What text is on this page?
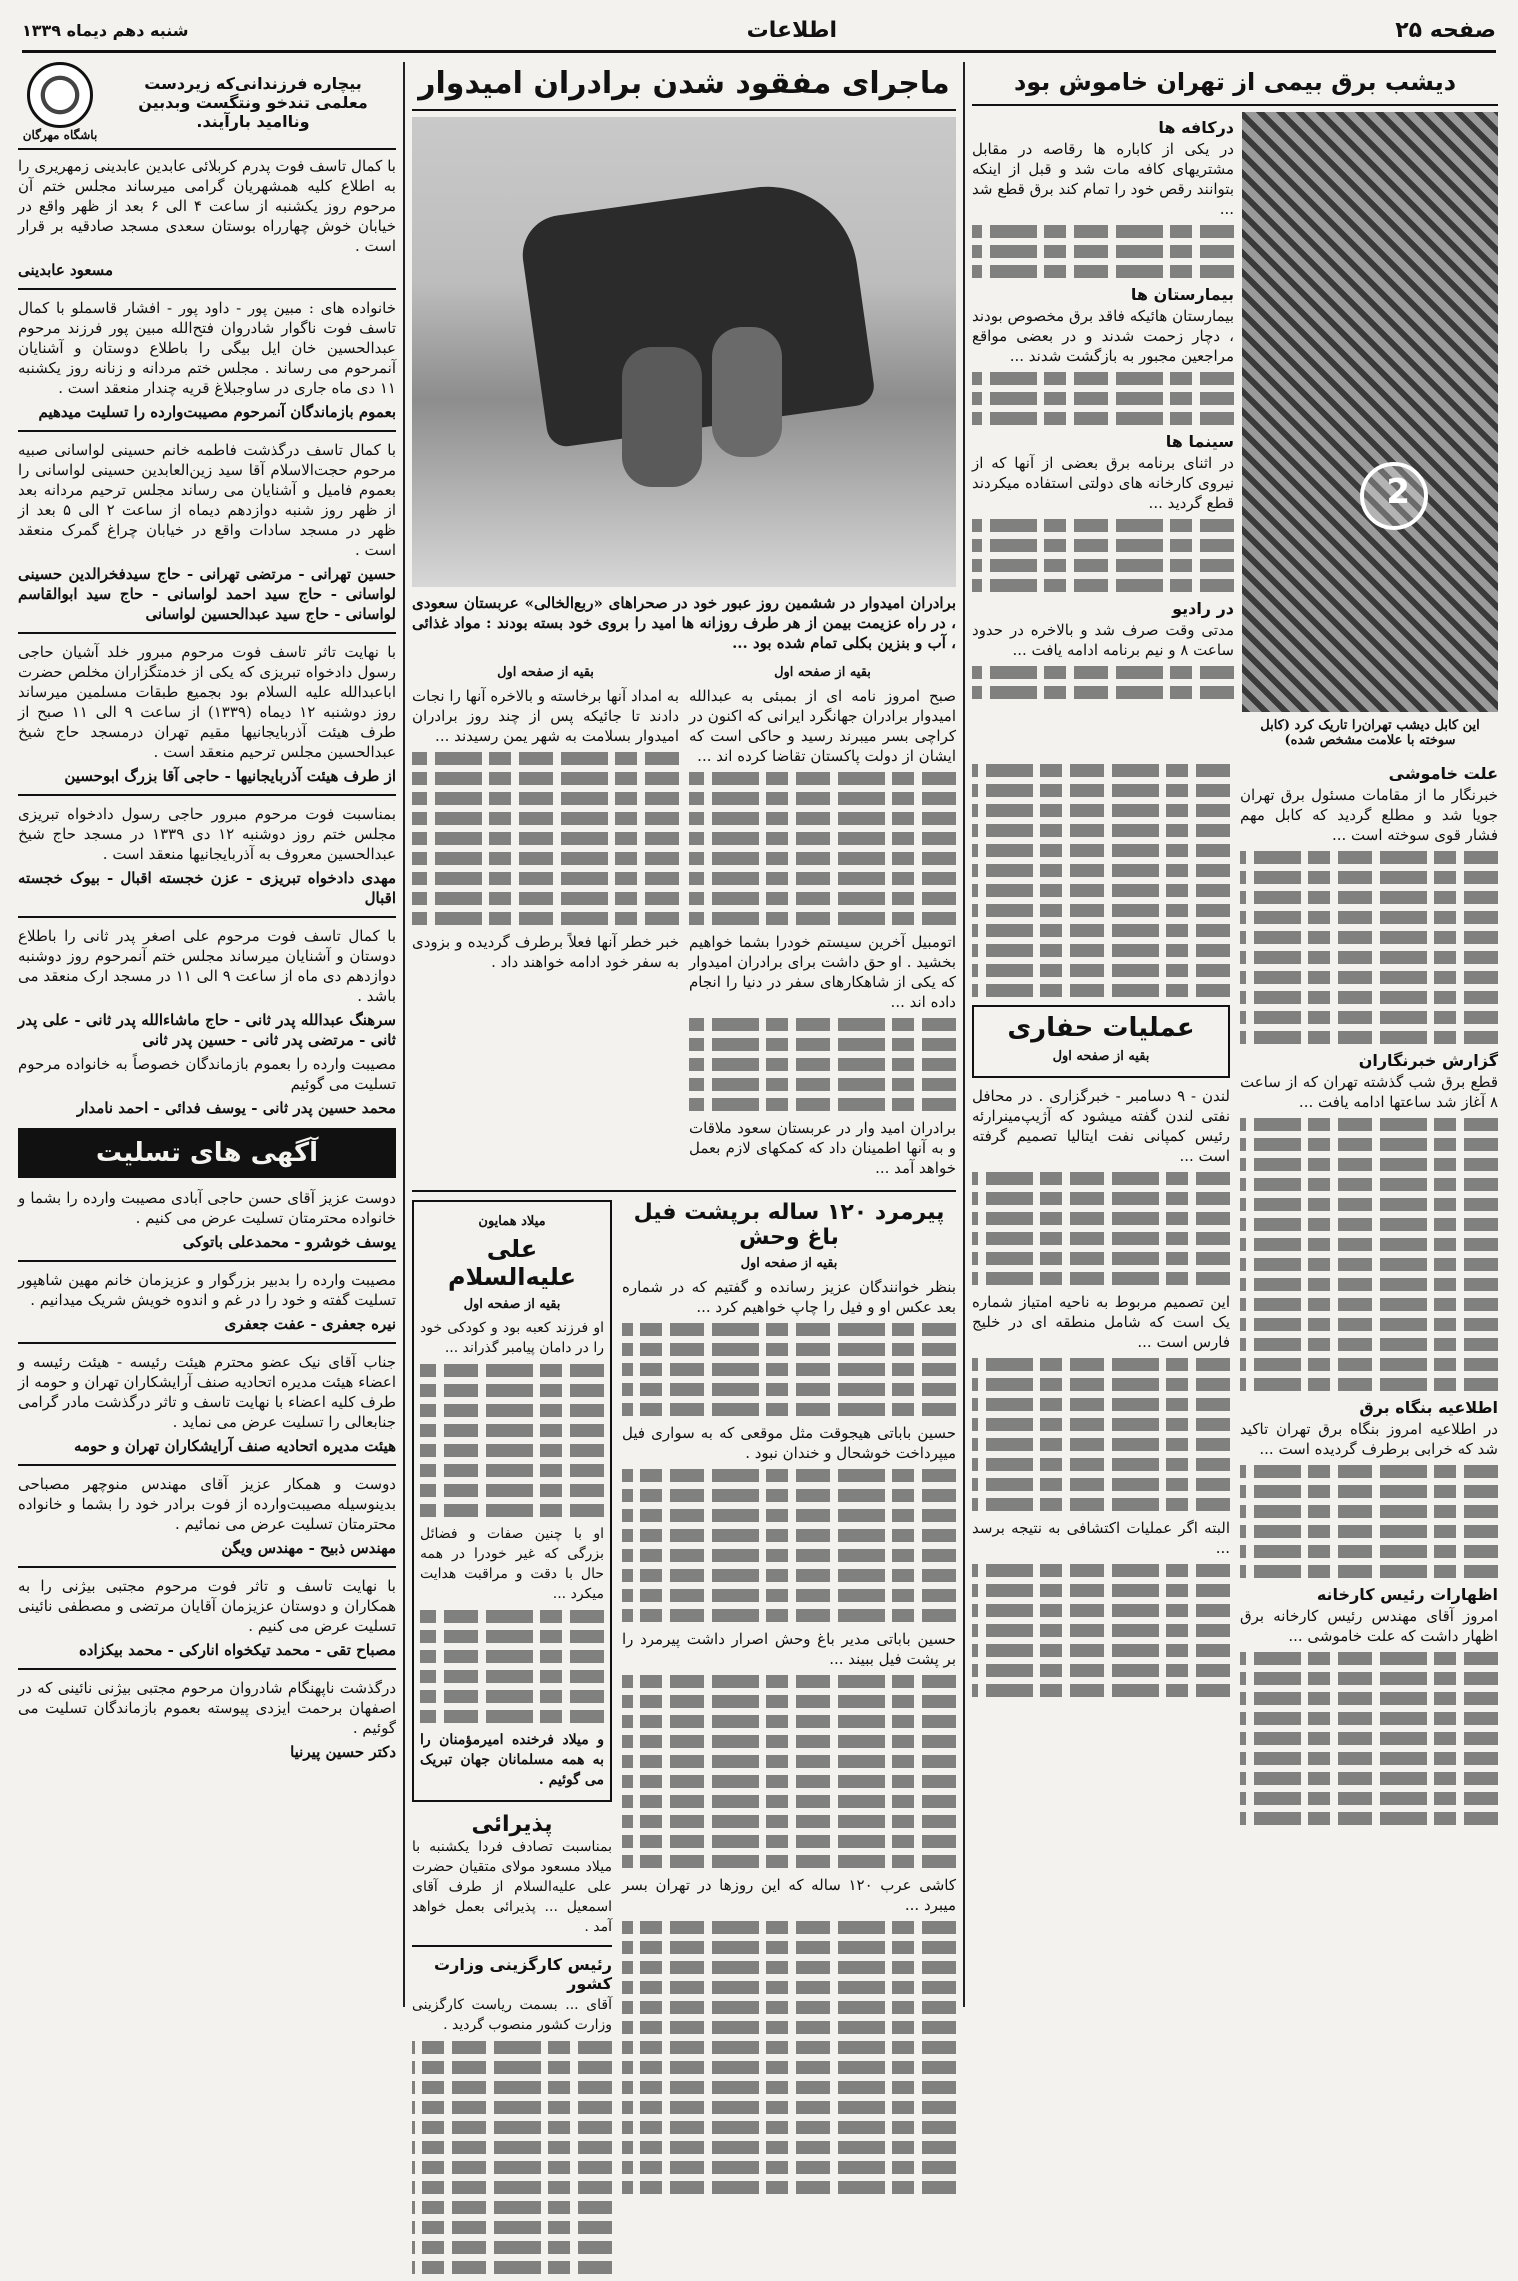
صفحه ۲۵
اطلاعات
شنبه دهم دیماه ۱۳۳۹
دیشب برق بیمی از تهران خاموش بود
2
این کابل دیشب تهران‌را تاریک کرد (کابل سوخته با علامت مشخص شده)
درکافه ها

در یکی از کاباره ها رقاصه در مقابل مشتریهای کافه مات شد و قبل از اینکه بتوانند رقص خود را تمام کند برق قطع شد ...

بیمارستان ها

بیمارستان هائیکه فاقد برق مخصوص بودند ، دچار زحمت شدند و در بعضی مواقع مراجعین مجبور به بازگشت شدند ...

سینما ها

در اثنای برنامه برق بعضی از آنها که از نیروی کارخانه های دولتی استفاده میکردند قطع گردید ...

در رادیو

مدتی وقت صرف شد و بالاخره در حدود ساعت ۸ و نیم برنامه ادامه یافت ...

علت خاموشی

خبرنگار ما از مقامات مسئول برق تهران جویا شد و مطلع گردید که کابل مهم فشار قوی سوخته است ...

گزارش خبرنگاران

قطع برق شب گذشته تهران که از ساعت ۸ آغاز شد ساعتها ادامه یافت ...

اطلاعیه بنگاه برق

در اطلاعیه امروز بنگاه برق تهران تاکید شد که خرابی برطرف گردیده است ...

اظهارات رئیس کارخانه

امروز آقای مهندس رئیس کارخانه برق اظهار داشت که علت خاموشی ...

عملیات حفاری
بقیه از صفحه اول

لندن - ۹ دسامبر - خبرگزاری . در محافل نفتی لندن گفته میشود که آژیپ‌مینرارئه رئیس کمپانی نفت ایتالیا تصمیم گرفته است ...

این تصمیم مربوط به ناحیه امتیاز شماره یک است که شامل منطقه ای در خلیج فارس است ...

البته اگر عملیات اکتشافی به نتیجه برسد ...

ماجرای مفقود شدن برادران امیدوار

برادران امیدوار در ششمین روز عبور خود در صحراهای «ربع‌الخالی» عربستان سعودی ، در راه عزیمت بیمن از هر طرف روزانه ها امید را بروی خود بسته بودند : مواد غذائی ، آب و بنزین بکلی تمام شده بود ...

بقیه از صفحه اول

صبح امروز نامه ای از بمبئی به عبدالله امیدوار برادران جهانگرد ایرانی که اکنون در کراچی بسر میبرند رسید و حاکی است که ایشان از دولت پاکستان تقاضا کرده اند ...

اتومبیل آخرین سیستم خودرا بشما خواهیم بخشید . او حق داشت برای برادران امیدوار که یکی از شاهکارهای سفر در دنیا را انجام داده اند ...

برادران امید وار در عربستان سعود ملاقات و به آنها اطمینان داد که کمکهای لازم بعمل خواهد آمد ...

بقیه از صفحه اول

به امداد آنها برخاسته و بالاخره آنها را نجات دادند تا جائیکه پس از چند روز برادران امیدوار بسلامت به شهر یمن رسیدند ...

خبر خطر آنها فعلاً برطرف گردیده و بزودی به سفر خود ادامه خواهند داد .

پیرمرد ۱۲۰ ساله برپشت فیل باغ وحش
بقیه از صفحه اول

بنظر خوانندگان عزیز رسانده و گفتیم که در شماره بعد عکس او و فیل را چاپ خواهیم کرد ...

حسین باباتی هیجوقت مثل موقعی که به سواری فیل میپرداخت خوشحال و خندان نبود .

حسین باباتی مدیر باغ وحش اصرار داشت پیرمرد را بر پشت فیل ببیند ...

کاشی عرب ۱۲۰ ساله که این روزها در تهران بسر میبرد ...

میلاد همایون
علی علیه‌السلام
بقیه از صفحه اول

او فرزند کعبه بود و کودکی خود را در دامان پیامبر گذراند ...

او با چنین صفات و فضائل بزرگی که غیر خودرا در همه حال با دقت و مراقبت هدایت میکرد ...

و میلاد فرخنده امیرمؤمنان را به همه مسلمانان جهان تبریک می گوئیم .

پذیرائی

بمناسبت تصادف فردا یکشنبه با میلاد مسعود مولای متقیان حضرت علی علیه‌السلام از طرف آقای اسمعیل ... پذیرائی بعمل خواهد آمد .

رئیس کارگزینی وزارت کشور

آقای ... بسمت ریاست کارگزینی وزارت کشور منصوب گردید .

بیچاره فرزندانی‌که زیردست
معلمی تندخو ونتگست وبدبین
وناامید بارآیند.
باشگاه مهرگان

با کمال تاسف فوت پدرم کربلائی عابدین عابدینی زمهریری را به اطلاع کلیه همشهریان گرامی میرساند مجلس ختم آن مرحوم روز یکشنبه از ساعت ۴ الی ۶ بعد از ظهر واقع در خیابان خوش چهارراه بوستان سعدی مسجد صادقیه بر قرار است .

مسعود عابدینی

خانواده های : مبین پور - داود پور - افشار قاسملو با کمال تاسف فوت ناگوار شادروان فتح‌الله مبین پور فرزند مرحوم عبدالحسین خان ایل بیگی را باطلاع دوستان و آشنایان آنمرحوم می رساند . مجلس ختم مردانه و زنانه روز یکشنبه ۱۱ دی ماه جاری در ساوجبلاغ قریه چندار منعقد است .

بعموم بازماندگان آنمرحوم مصیبت‌وارده را تسلیت میدهیم

با کمال تاسف درگذشت فاطمه خانم حسینی لواسانی صبیه مرحوم حجت‌الاسلام آقا سید زین‌العابدین حسینی لواسانی را بعموم فامیل و آشنایان می رساند مجلس ترحیم مردانه بعد از ظهر روز شنبه دوازدهم دیماه از ساعت ۲ الی ۵ بعد از ظهر در مسجد سادات واقع در خیابان چراغ گمرک منعقد است .

حسین تهرانی - مرتضی تهرانی - حاج سیدفخرالدین حسینی لواسانی - حاج سید احمد لواسانی - حاج سید ابوالقاسم لواسانی - حاج سید عبدالحسین لواسانی

با نهایت تاثر تاسف فوت مرحوم مبرور خلد آشیان حاجی رسول دادخواه تبریزی که یکی از خدمتگزاران مخلص حضرت اباعبدالله علیه السلام بود بجمیع طبقات مسلمین میرساند روز دوشنبه ۱۲ دیماه (۱۳۳۹) از ساعت ۹ الی ۱۱ صبح از طرف هیئت آذربایجانیها مقیم تهران درمسجد حاج شیخ عبدالحسین مجلس ترحیم منعقد است .

از طرف هیئت آذربایجانیها - حاجی آقا بزرگ ابوحسین

بمناسبت فوت مرحوم مبرور حاجی رسول دادخواه تبریزی مجلس ختم روز دوشنبه ۱۲ دی ۱۳۳۹ در مسجد حاج شیخ عبدالحسین معروف به آذربایجانیها منعقد است .

مهدی دادخواه تبریزی - عزن خجسته اقبال - بیوک خجسته اقبال

با کمال تاسف فوت مرحوم علی اصغر پدر ثانی را باطلاع دوستان و آشنایان میرساند مجلس ختم آنمرحوم روز دوشنبه دوازدهم دی ماه از ساعت ۹ الی ۱۱ در مسجد ارک منعقد می باشد .

سرهنگ عبدالله پدر ثانی - حاج ماشاءالله پدر ثانی - علی پدر ثانی - مرتضی پدر ثانی - حسین پدر ثانی

مصیبت وارده را بعموم بازماندگان خصوصاً به خانواده مرحوم تسلیت می گوئیم

محمد حسین پدر ثانی - یوسف فدائی - احمد نامدار

آگهی های تسلیت

دوست عزیز آقای حسن حاجی آبادی مصیبت وارده را بشما و خانواده محترمتان تسلیت عرض می کنیم .

یوسف خوشرو - محمدعلی باتوکی

مصیبت وارده را بدبیر بزرگوار و عزیزمان خانم مهین شاهپور تسلیت گفته و خود را در غم و اندوه خویش شریک میدانیم .

نیره جعفری - عفت جعفری

جناب آقای نیک عضو محترم هیئت رئیسه - هیئت رئیسه و اعضاء هیئت مدیره اتحادیه صنف آرایشکاران تهران و حومه از طرف کلیه اعضاء با نهایت تاسف و تاثر درگذشت مادر گرامی جنابعالی را تسلیت عرض می نماید .

هیئت مدیره اتحادیه صنف آرایشکاران تهران و حومه

دوست و همکار عزیز آقای مهندس منوچهر مصباحی بدینوسیله مصیبت‌وارده از فوت برادر خود را بشما و خانواده محترمتان تسلیت عرض می نمائیم .

مهندس ذبیح - مهندس ویگن

با نهایت تاسف و تاثر فوت مرحوم مجتبی بیژنی را به همکاران و دوستان عزیزمان آقایان مرتضی و مصطفی نائینی تسلیت عرض می کنیم .

مصباح تقی - محمد تیکخواه انارکی - محمد بیکزاده

درگذشت ناپهنگام شادروان مرحوم مجتبی بیژنی نائینی که در اصفهان برحمت ایزدی پیوسته بعموم بازماندگان تسلیت می گوئیم .

دکتر حسین پیرنیا
